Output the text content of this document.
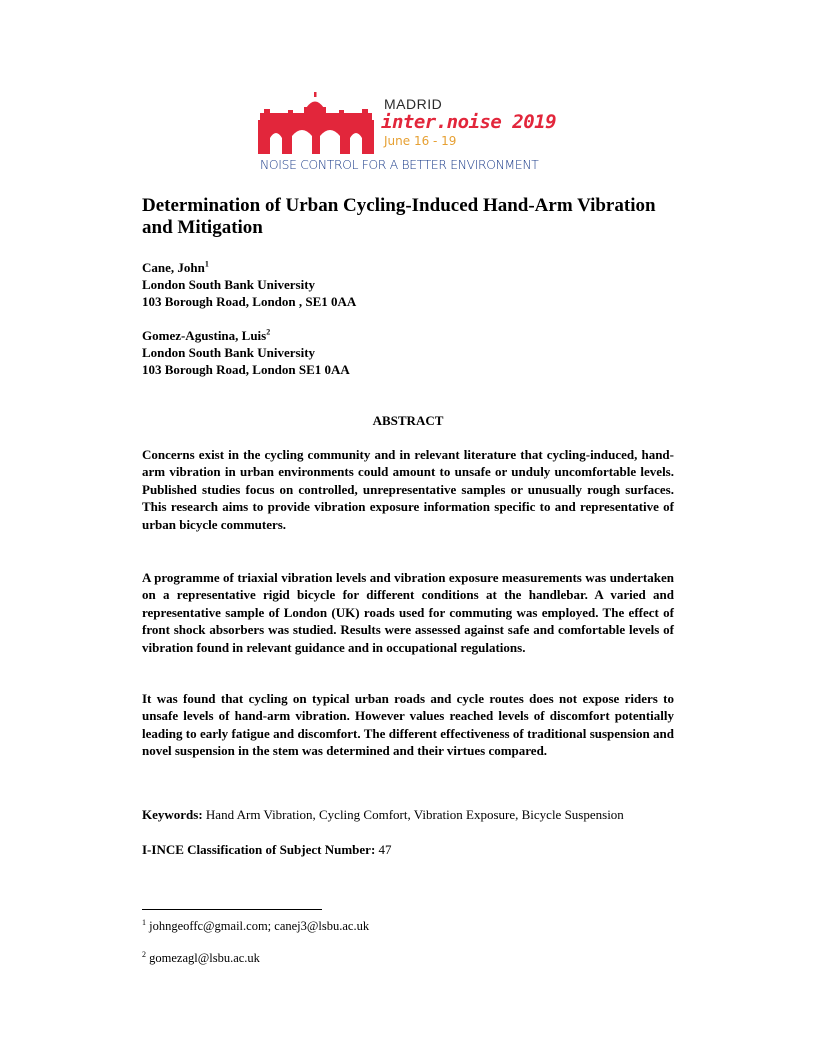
MADRID
inter.noise 2019
June 16 - 19
NOISE CONTROL FOR A BETTER ENVIRONMENT
Determination of Urban Cycling-Induced Hand-Arm Vibration and Mitigation
Cane, John$^1$
London South Bank University
103 Borough Road, London , SE1 0AA
Gomez-Agustina, Luis$^2$
London South Bank University
103 Borough Road, London SE1 0AA
ABSTRACT

Concerns exist in the cycling community and in relevant literature that cycling-induced, hand-arm vibration in urban environments could amount to unsafe or unduly uncomfortable levels. Published studies focus on controlled, unrepresentative samples or unusually rough surfaces. This research aims to provide vibration exposure information specific to and representative of urban bicycle commuters.

A programme of triaxial vibration levels and vibration exposure measurements was undertaken on a representative rigid bicycle for different conditions at the handlebar. A varied and representative sample of London (UK) roads used for commuting was employed. The effect of front shock absorbers was studied. Results were assessed against safe and comfortable levels of vibration found in relevant guidance and in occupational regulations.

It was found that cycling on typical urban roads and cycle routes does not expose riders to unsafe levels of hand-arm vibration. However values reached levels of discomfort potentially leading to early fatigue and discomfort. The different effectiveness of traditional suspension and novel suspension in the stem was determined and their virtues compared.

Keywords: Hand Arm Vibration, Cycling Comfort, Vibration Exposure, Bicycle Suspension
I-INCE Classification of Subject Number: 47
$^1$ johngeoffc@gmail.com; canej3@lsbu.ac.uk
$^2$ gomezagl@lsbu.ac.uk
